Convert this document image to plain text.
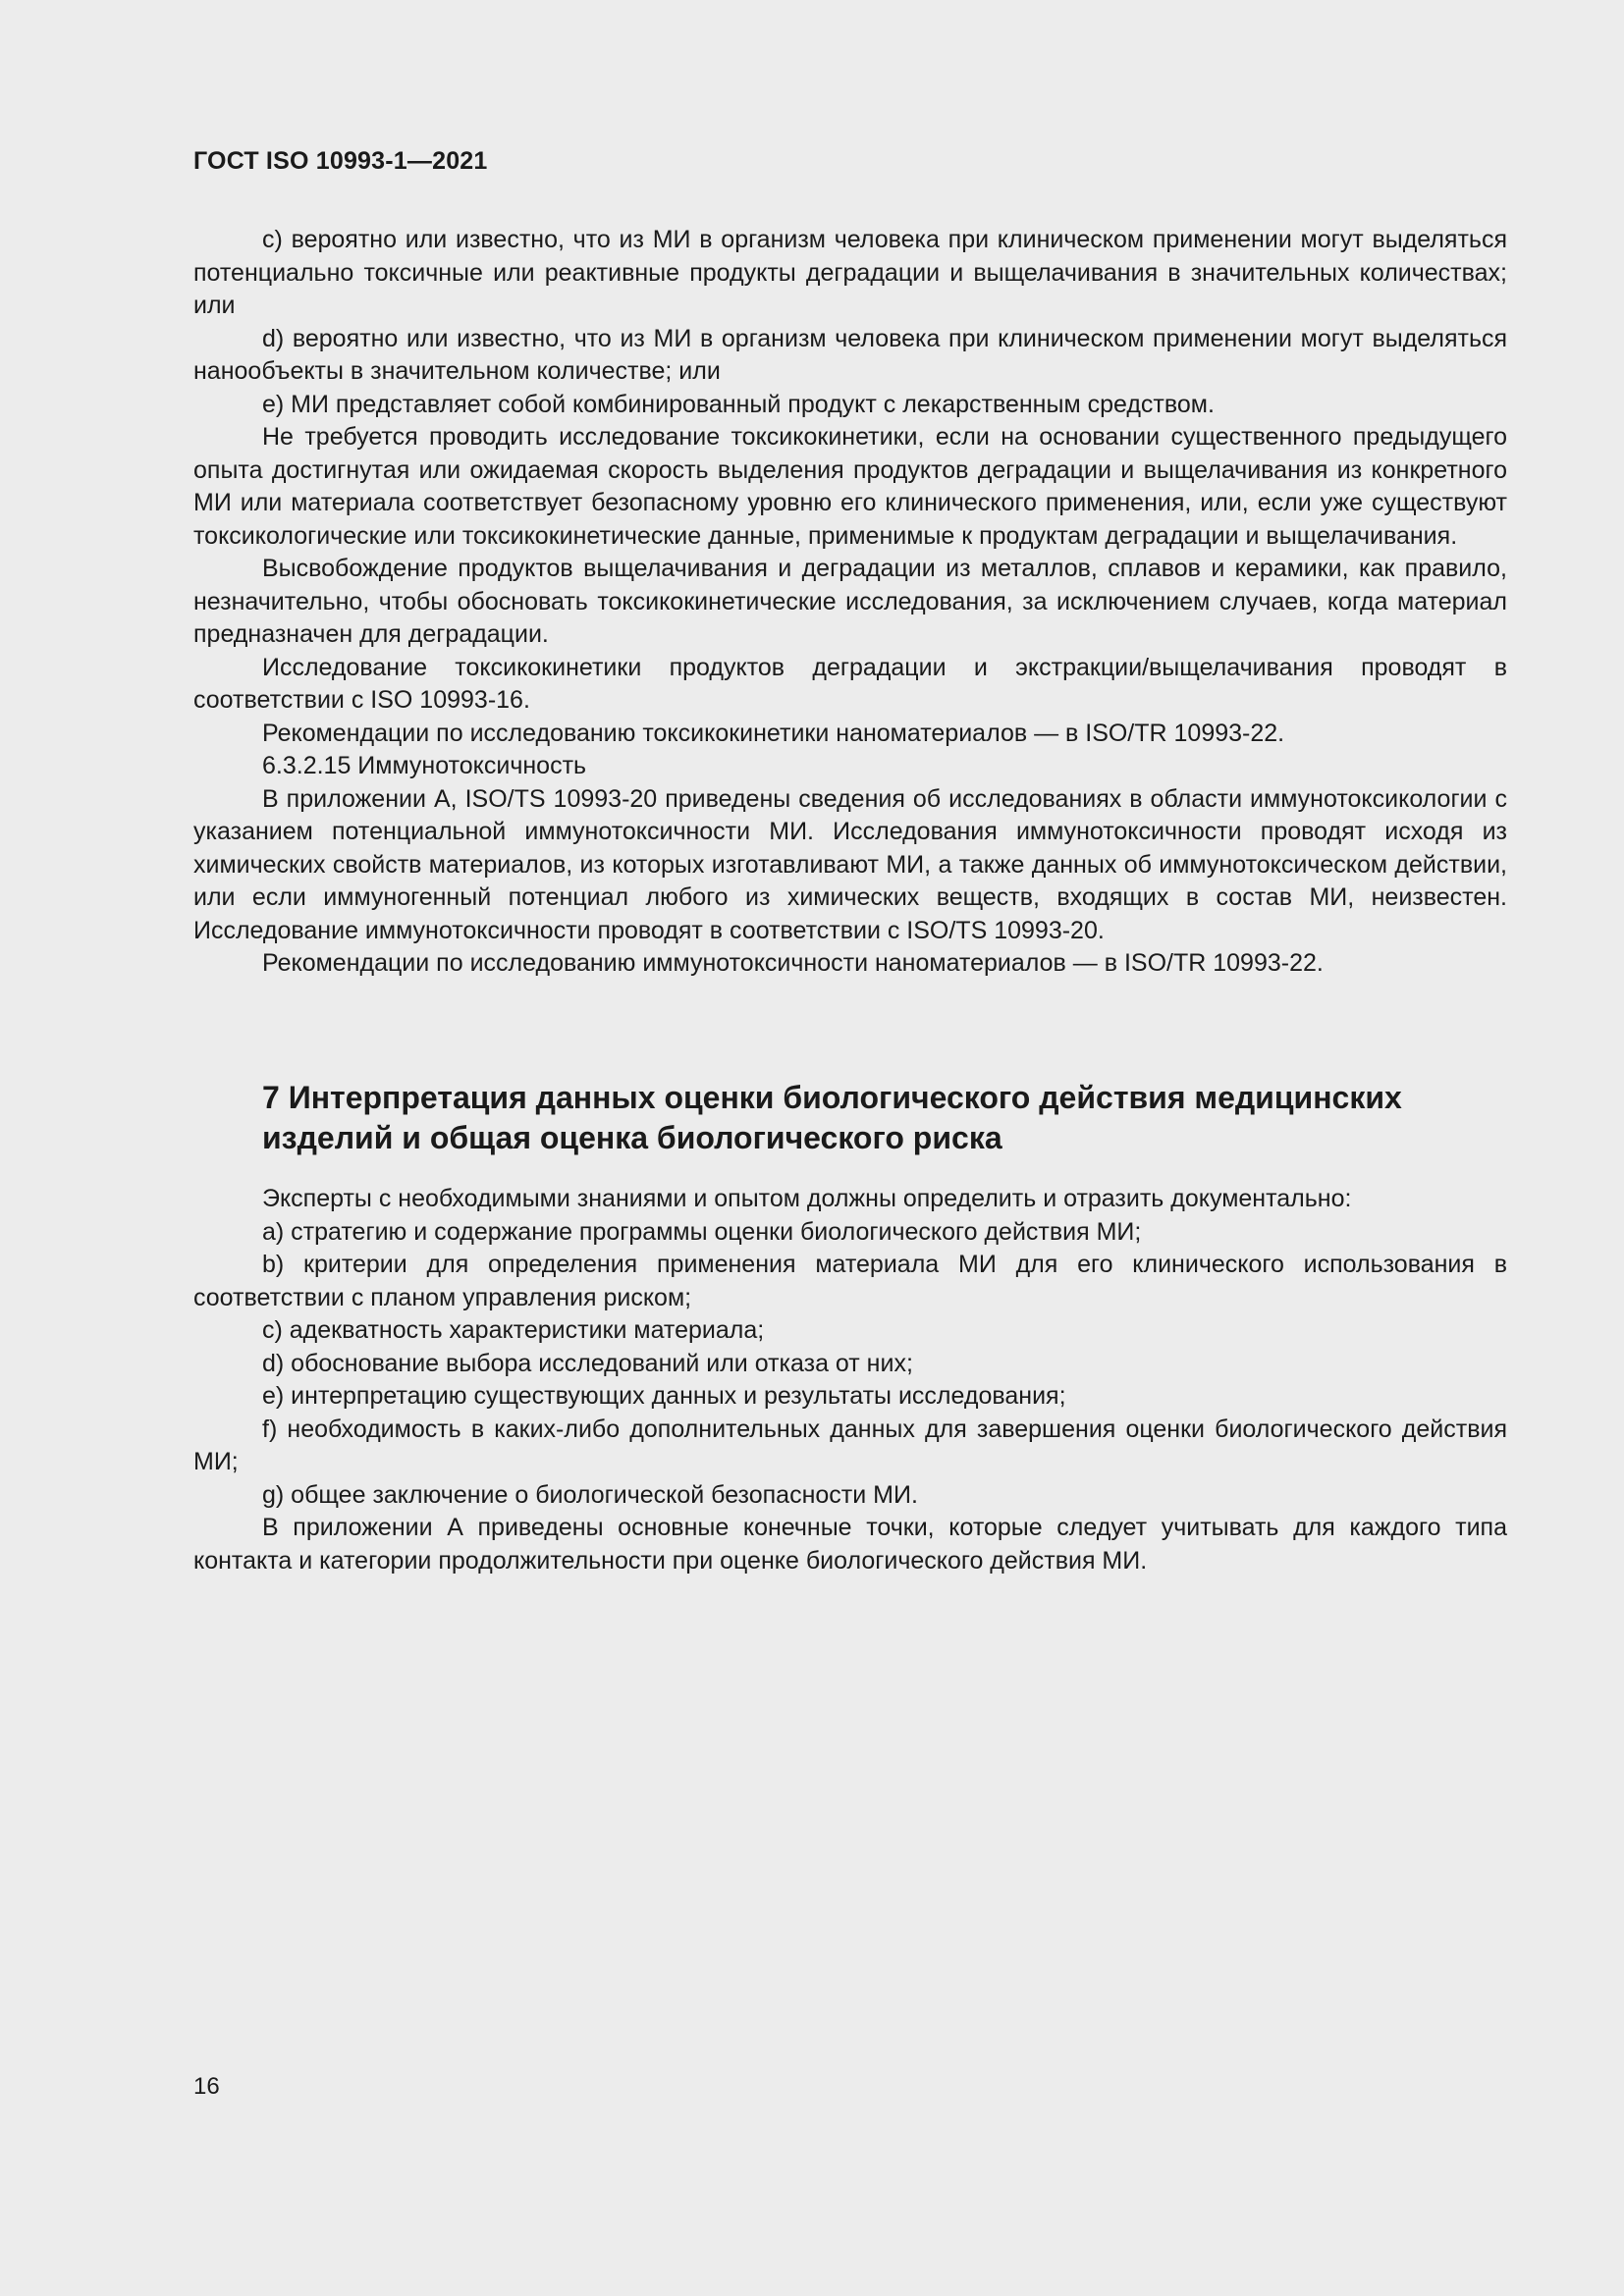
ГОСТ ISO 10993-1—2021

c) вероятно или известно, что из МИ в организм человека при клиническом применении могут выделяться потенциально токсичные или реактивные продукты деградации и выщелачивания в значительных количествах; или

d) вероятно или известно, что из МИ в организм человека при клиническом применении могут выделяться нанообъекты в значительном количестве; или

e) МИ представляет собой комбинированный продукт с лекарственным средством.

Не требуется проводить исследование токсикокинетики, если на основании существенного предыдущего опыта достигнутая или ожидаемая скорость выделения продуктов деградации и выщелачивания из конкретного МИ или материала соответствует безопасному уровню его клинического применения, или, если уже существуют токсикологические или токсикокинетические данные, применимые к продуктам деградации и выщелачивания.

Высвобождение продуктов выщелачивания и деградации из металлов, сплавов и керамики, как правило, незначительно, чтобы обосновать токсикокинетические исследования, за исключением случаев, когда материал предназначен для деградации.

Исследование токсикокинетики продуктов деградации и экстракции/выщелачивания проводят в соответствии с ISO 10993-16.

Рекомендации по исследованию токсикокинетики наноматериалов — в ISO/TR 10993-22.

6.3.2.15 Иммунотоксичность

В приложении А, ISO/TS 10993-20 приведены сведения об исследованиях в области иммунотоксикологии с указанием потенциальной иммунотоксичности МИ. Исследования иммунотоксичности проводят исходя из химических свойств материалов, из которых изготавливают МИ, а также данных об иммунотоксическом действии, или если иммуногенный потенциал любого из химических веществ, входящих в состав МИ, неизвестен. Исследование иммунотоксичности проводят в соответствии с ISO/TS 10993-20.

Рекомендации по исследованию иммунотоксичности наноматериалов — в ISO/TR 10993-22.

7 Интерпретация данных оценки биологического действия медицинских изделий и общая оценка биологического риска

Эксперты с необходимыми знаниями и опытом должны определить и отразить документально:

a) стратегию и содержание программы оценки биологического действия МИ;

b) критерии для определения применения материала МИ для его клинического использования в соответствии с планом управления риском;

c) адекватность характеристики материала;

d) обоснование выбора исследований или отказа от них;

e) интерпретацию существующих данных и результаты исследования;

f) необходимость в каких-либо дополнительных данных для завершения оценки биологического действия МИ;

g) общее заключение о биологической безопасности МИ.

В приложении А приведены основные конечные точки, которые следует учитывать для каждого типа контакта и категории продолжительности при оценке биологического действия МИ.

16
